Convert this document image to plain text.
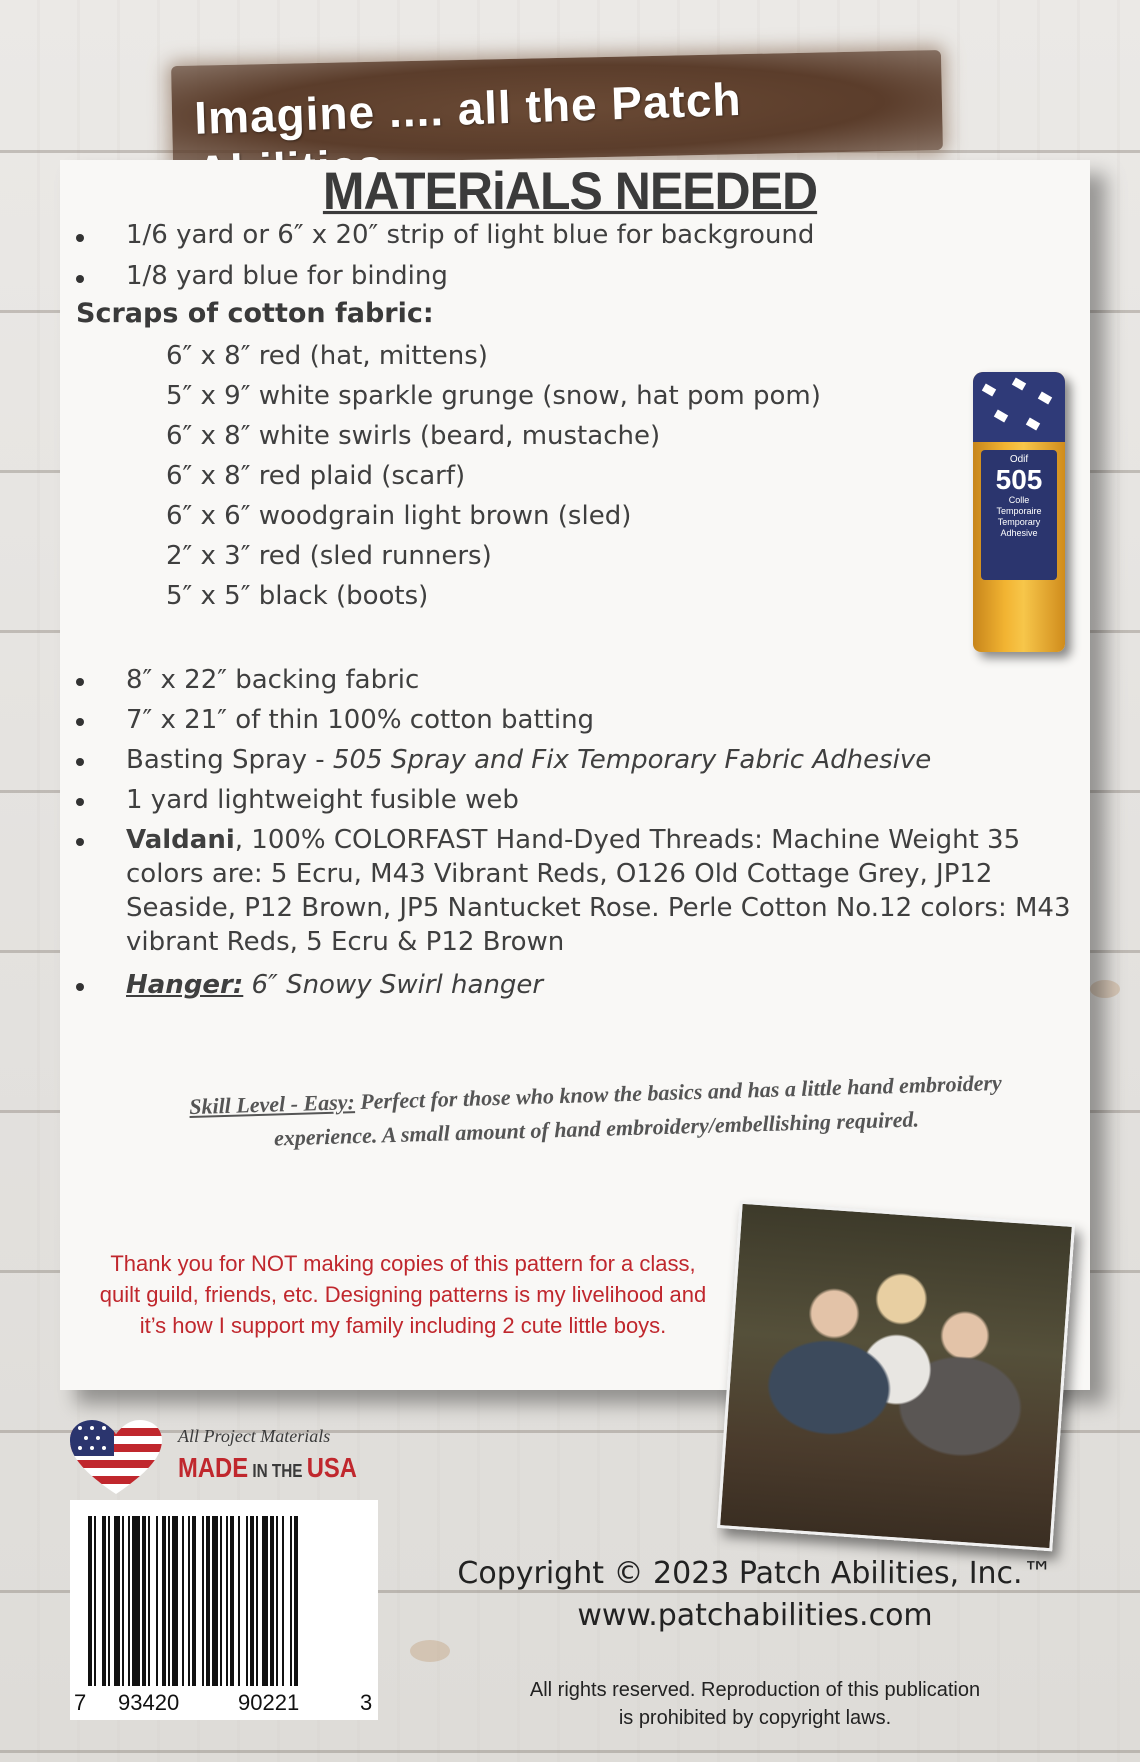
Imagine .... all the Patch
MATERiALS NEEDED
1/6 yard or 6″ x 20″ strip of light blue for background
1/8 yard blue for binding
Scraps of cotton fabric:
6″ x 8″ red (hat, mittens)
5″ x 9″ white sparkle grunge (snow, hat pom pom)
6″ x 8″ white swirls (beard, mustache)
6″ x 8″ red plaid (scarf)
6″ x 6″ woodgrain light brown (sled)
2″ x 3″ red (sled runners)
5″ x 5″ black (boots)
Odif
505
Colle
Temporaire
Temporary
Adhesive
8″ x 22″ backing fabric
7″ x 21″ of thin 100% cotton batting
Basting Spray - 505 Spray and Fix Temporary Fabric Adhesive
1 yard lightweight fusible web
Valdani, 100% COLORFAST Hand-Dyed Threads: Machine Weight 35
colors are: 5 Ecru, M43 Vibrant Reds, O126 Old Cottage Grey, JP12
Seaside, P12 Brown, JP5 Nantucket Rose. Perle Cotton No.12 colors: M43
vibrant Reds, 5 Ecru & P12 Brown
Hanger: 6″ Snowy Swirl hanger
Skill Level - Easy: Perfect for those who know the basics and has a little hand embroidery experience. A small amount of hand embroidery/embellishing required.
Thank you for NOT making copies of this pattern for a class, quilt guild, friends, etc. Designing patterns is my livelihood and it’s how I support my family including 2 cute little boys.
All Project Materials
MADE IN THE USA
7 93420	90221	3
Copyright © 2023 Patch Abilities, Inc.™
www.patchabilities.com
All rights reserved. Reproduction of this publication
is prohibited by copyright laws.
